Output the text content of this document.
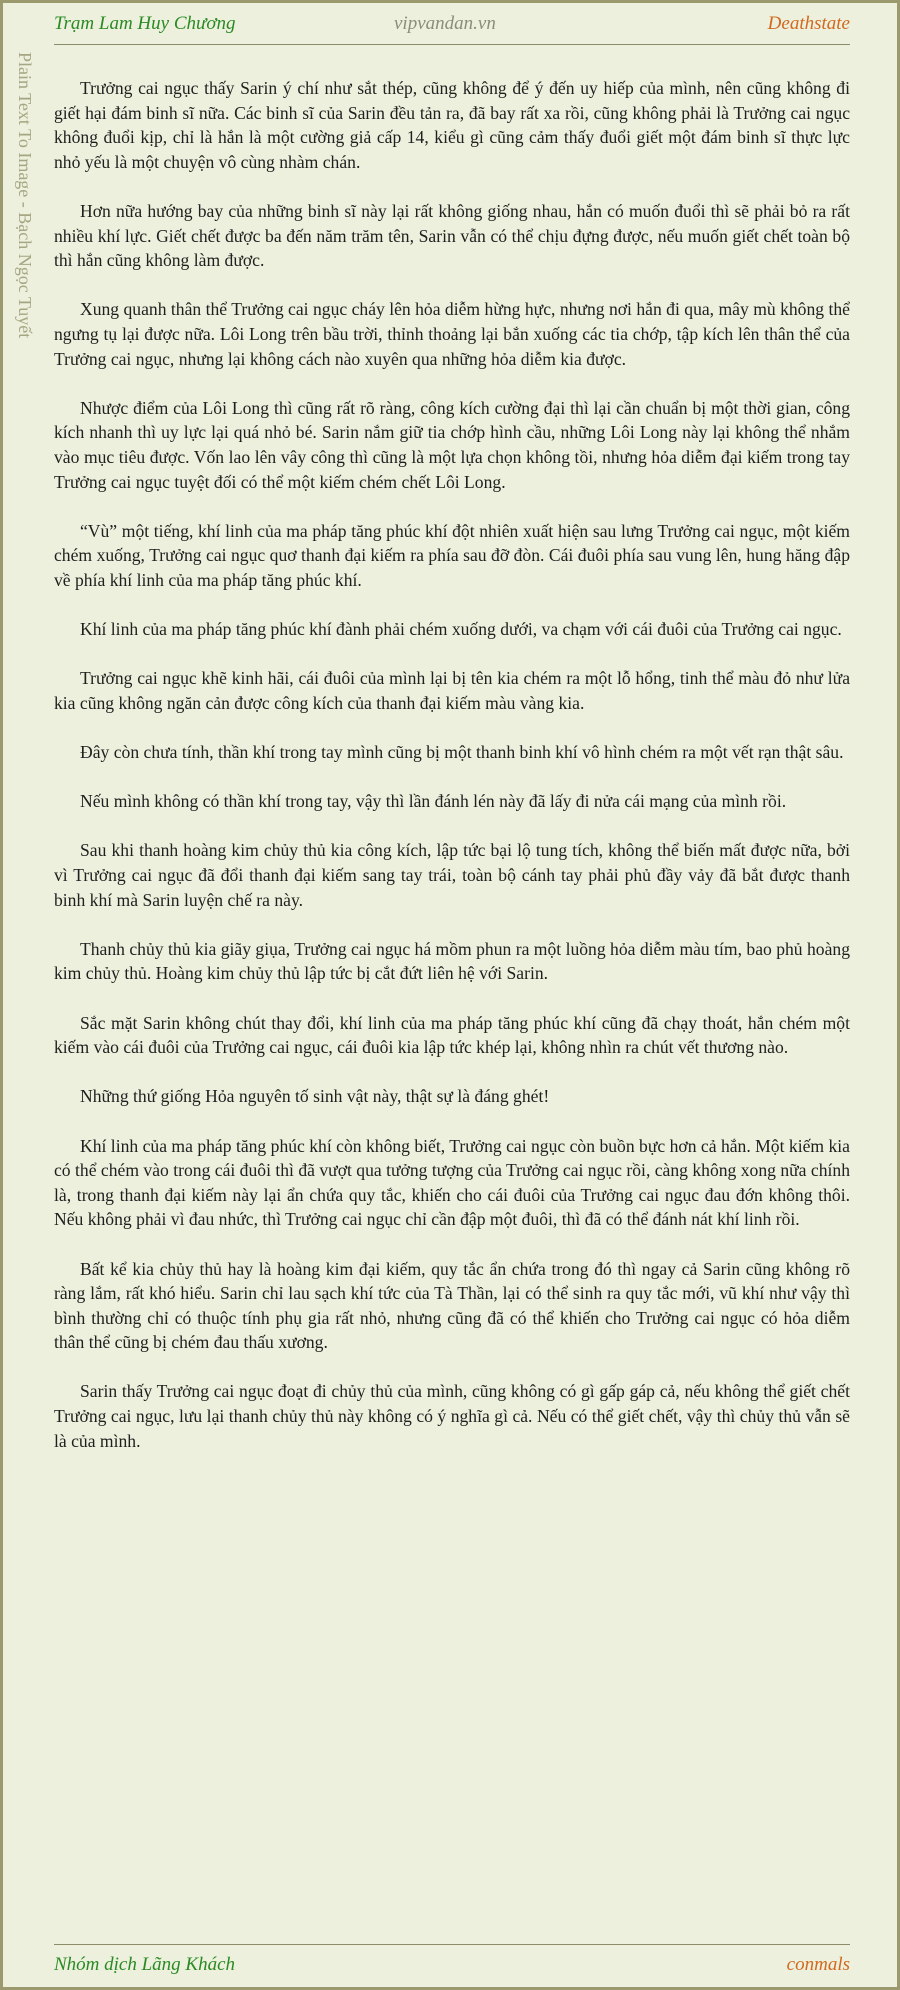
Trạm Lam Huy Chương	vipvandan.vn	Deathstate
Plain Text To Image - Bạch Ngọc Tuyết	Trưởng cai ngục thấy Sarin ý chí như sắt thép, cũng không để ý đến uy hiếp của mình, nên cũng không đi giết hại đám binh sĩ nữa. Các binh sĩ của Sarin đều tản ra, đã bay rất xa rồi, cũng không phải là Trưởng cai ngục không đuổi kịp, chỉ là hắn là một cường giả cấp 14, kiểu gì cũng cảm thấy đuổi giết một đám binh sĩ thực lực nhỏ yếu là một chuyện vô cùng nhàm chán.

Hơn nữa hướng bay của những binh sĩ này lại rất không giống nhau, hắn có muốn đuổi thì sẽ phải bỏ ra rất nhiều khí lực. Giết chết được ba đến năm trăm tên, Sarin vẫn có thể chịu đựng được, nếu muốn giết chết toàn bộ thì hắn cũng không làm được.

Xung quanh thân thể Trưởng cai ngục cháy lên hỏa diễm hừng hực, nhưng nơi hắn đi qua, mây mù không thể ngưng tụ lại được nữa. Lôi Long trên bầu trời, thỉnh thoảng lại bắn xuống các tia chớp, tập kích lên thân thể của Trưởng cai ngục, nhưng lại không cách nào xuyên qua những hỏa diễm kia được.

Nhược điểm của Lôi Long thì cũng rất rõ ràng, công kích cường đại thì lại cần chuẩn bị một thời gian, công kích nhanh thì uy lực lại quá nhỏ bé. Sarin nắm giữ tia chớp hình cầu, những Lôi Long này lại không thể nhắm vào mục tiêu được. Vốn lao lên vây công thì cũng là một lựa chọn không tồi, nhưng hỏa diễm đại kiếm trong tay Trưởng cai ngục tuyệt đối có thể một kiếm chém chết Lôi Long.

“Vù” một tiếng, khí linh của ma pháp tăng phúc khí đột nhiên xuất hiện sau lưng Trưởng cai ngục, một kiếm chém xuống, Trưởng cai ngục quơ thanh đại kiếm ra phía sau đỡ đòn. Cái đuôi phía sau vung lên, hung hăng đập về phía khí linh của ma pháp tăng phúc khí.

Khí linh của ma pháp tăng phúc khí đành phải chém xuống dưới, va chạm với cái đuôi của Trưởng cai ngục.

Trưởng cai ngục khẽ kinh hãi, cái đuôi của mình lại bị tên kia chém ra một lỗ hổng, tinh thể màu đỏ như lửa kia cũng không ngăn cản được công kích của thanh đại kiếm màu vàng kia.

Đây còn chưa tính, thần khí trong tay mình cũng bị một thanh binh khí vô hình chém ra một vết rạn thật sâu.

Nếu mình không có thần khí trong tay, vậy thì lần đánh lén này đã lấy đi nửa cái mạng của mình rồi.

Sau khi thanh hoàng kim chủy thủ kia công kích, lập tức bại lộ tung tích, không thể biến mất được nữa, bởi vì Trưởng cai ngục đã đổi thanh đại kiếm sang tay trái, toàn bộ cánh tay phải phủ đầy vảy đã bắt được thanh binh khí mà Sarin luyện chế ra này.

Thanh chủy thủ kia giãy giụa, Trưởng cai ngục há mồm phun ra một luồng hỏa diễm màu tím, bao phủ hoàng kim chủy thủ. Hoàng kim chủy thủ lập tức bị cắt đứt liên hệ với Sarin.

Sắc mặt Sarin không chút thay đổi, khí linh của ma pháp tăng phúc khí cũng đã chạy thoát, hắn chém một kiếm vào cái đuôi của Trưởng cai ngục, cái đuôi kia lập tức khép lại, không nhìn ra chút vết thương nào.

Những thứ giống Hỏa nguyên tố sinh vật này, thật sự là đáng ghét!

Khí linh của ma pháp tăng phúc khí còn không biết, Trưởng cai ngục còn buồn bực hơn cả hắn. Một kiếm kia có thể chém vào trong cái đuôi thì đã vượt qua tưởng tượng của Trưởng cai ngục rồi, càng không xong nữa chính là, trong thanh đại kiếm này lại ẩn chứa quy tắc, khiến cho cái đuôi của Trưởng cai ngục đau đớn không thôi. Nếu không phải vì đau nhức, thì Trưởng cai ngục chỉ cần đập một đuôi, thì đã có thể đánh nát khí linh rồi.

Bất kể kia chủy thủ hay là hoàng kim đại kiếm, quy tắc ẩn chứa trong đó thì ngay cả Sarin cũng không rõ ràng lắm, rất khó hiểu. Sarin chỉ lau sạch khí tức của Tà Thần, lại có thể sinh ra quy tắc mới, vũ khí như vậy thì bình thường chỉ có thuộc tính phụ gia rất nhỏ, nhưng cũng đã có thể khiến cho Trưởng cai ngục có hỏa diễm thân thể cũng bị chém đau thấu xương.

Sarin thấy Trưởng cai ngục đoạt đi chủy thủ của mình, cũng không có gì gấp gáp cả, nếu không thể giết chết Trưởng cai ngục, lưu lại thanh chủy thủ này không có ý nghĩa gì cả. Nếu có thể giết chết, vậy thì chủy thủ vẫn sẽ là của mình.

Nhóm dịch Lãng Khách	conmals
